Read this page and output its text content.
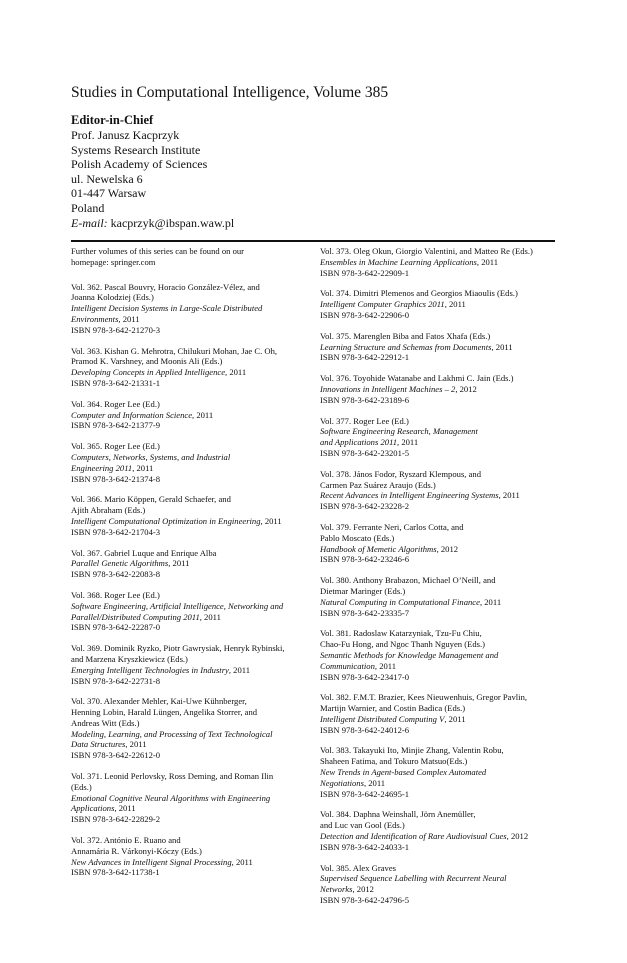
Studies in Computational Intelligence, Volume 385
Editor-in-Chief
Prof. Janusz Kacprzyk
Systems Research Institute
Polish Academy of Sciences
ul. Newelska 6
01-447 Warsaw
Poland
E-mail: kacprzyk@ibspan.waw.pl
Further volumes of this series can be found on our
homepage: springer.com
Vol. 362. Pascal Bouvry, Horacio González-Vélez, and
Joanna Kolodziej (Eds.)
Intelligent Decision Systems in Large-Scale Distributed
Environments, 2011
ISBN 978-3-642-21270-3
Vol. 363. Kishan G. Mehrotra, Chilukuri Mohan, Jae C. Oh,
Pramod K. Varshney, and Moonis Ali (Eds.)
Developing Concepts in Applied Intelligence, 2011
ISBN 978-3-642-21331-1
Vol. 364. Roger Lee (Ed.)
Computer and Information Science, 2011
ISBN 978-3-642-21377-9
Vol. 365. Roger Lee (Ed.)
Computers, Networks, Systems, and Industrial
Engineering 2011, 2011
ISBN 978-3-642-21374-8
Vol. 366. Mario Köppen, Gerald Schaefer, and
Ajith Abraham (Eds.)
Intelligent Computational Optimization in Engineering, 2011
ISBN 978-3-642-21704-3
Vol. 367. Gabriel Luque and Enrique Alba
Parallel Genetic Algorithms, 2011
ISBN 978-3-642-22083-8
Vol. 368. Roger Lee (Ed.)
Software Engineering, Artificial Intelligence, Networking and
Parallel/Distributed Computing 2011, 2011
ISBN 978-3-642-22287-0
Vol. 369. Dominik Ryzko, Piotr Gawrysiak, Henryk Rybinski,
and Marzena Kryszkiewicz (Eds.)
Emerging Intelligent Technologies in Industry, 2011
ISBN 978-3-642-22731-8
Vol. 370. Alexander Mehler, Kai-Uwe Kühnberger,
Henning Lobin, Harald Lüngen, Angelika Storrer, and
Andreas Witt (Eds.)
Modeling, Learning, and Processing of Text Technological
Data Structures, 2011
ISBN 978-3-642-22612-0
Vol. 371. Leonid Perlovsky, Ross Deming, and Roman Ilin
(Eds.)
Emotional Cognitive Neural Algorithms with Engineering
Applications, 2011
ISBN 978-3-642-22829-2
Vol. 372. António E. Ruano and
Annamária R. Várkonyi-Kóczy (Eds.)
New Advances in Intelligent Signal Processing, 2011
ISBN 978-3-642-11738-1
Vol. 373. Oleg Okun, Giorgio Valentini, and Matteo Re (Eds.)
Ensembles in Machine Learning Applications, 2011
ISBN 978-3-642-22909-1
Vol. 374. Dimitri Plemenos and Georgios Miaoulis (Eds.)
Intelligent Computer Graphics 2011, 2011
ISBN 978-3-642-22906-0
Vol. 375. Marenglen Biba and Fatos Xhafa (Eds.)
Learning Structure and Schemas from Documents, 2011
ISBN 978-3-642-22912-1
Vol. 376. Toyohide Watanabe and Lakhmi C. Jain (Eds.)
Innovations in Intelligent Machines – 2, 2012
ISBN 978-3-642-23189-6
Vol. 377. Roger Lee (Ed.)
Software Engineering Research, Management
and Applications 2011, 2011
ISBN 978-3-642-23201-5
Vol. 378. János Fodor, Ryszard Klempous, and
Carmen Paz Suárez Araujo (Eds.)
Recent Advances in Intelligent Engineering Systems, 2011
ISBN 978-3-642-23228-2
Vol. 379. Ferrante Neri, Carlos Cotta, and
Pablo Moscato (Eds.)
Handbook of Memetic Algorithms, 2012
ISBN 978-3-642-23246-6
Vol. 380. Anthony Brabazon, Michael O’Neill, and
Dietmar Maringer (Eds.)
Natural Computing in Computational Finance, 2011
ISBN 978-3-642-23335-7
Vol. 381. Radoslaw Katarzyniak, Tzu-Fu Chiu,
Chao-Fu Hong, and Ngoc Thanh Nguyen (Eds.)
Semantic Methods for Knowledge Management and
Communication, 2011
ISBN 978-3-642-23417-0
Vol. 382. F.M.T. Brazier, Kees Nieuwenhuis, Gregor Pavlin,
Martijn Warnier, and Costin Badica (Eds.)
Intelligent Distributed Computing V, 2011
ISBN 978-3-642-24012-6
Vol. 383. Takayuki Ito, Minjie Zhang, Valentin Robu,
Shaheen Fatima, and Tokuro Matsuo(Eds.)
New Trends in Agent-based Complex Automated
Negotiations, 2011
ISBN 978-3-642-24695-1
Vol. 384. Daphna Weinshall, Jörn Anemüller,
and Luc van Gool (Eds.)
Detection and Identification of Rare Audiovisual Cues, 2012
ISBN 978-3-642-24033-1
Vol. 385. Alex Graves
Supervised Sequence Labelling with Recurrent Neural
Networks, 2012
ISBN 978-3-642-24796-5
